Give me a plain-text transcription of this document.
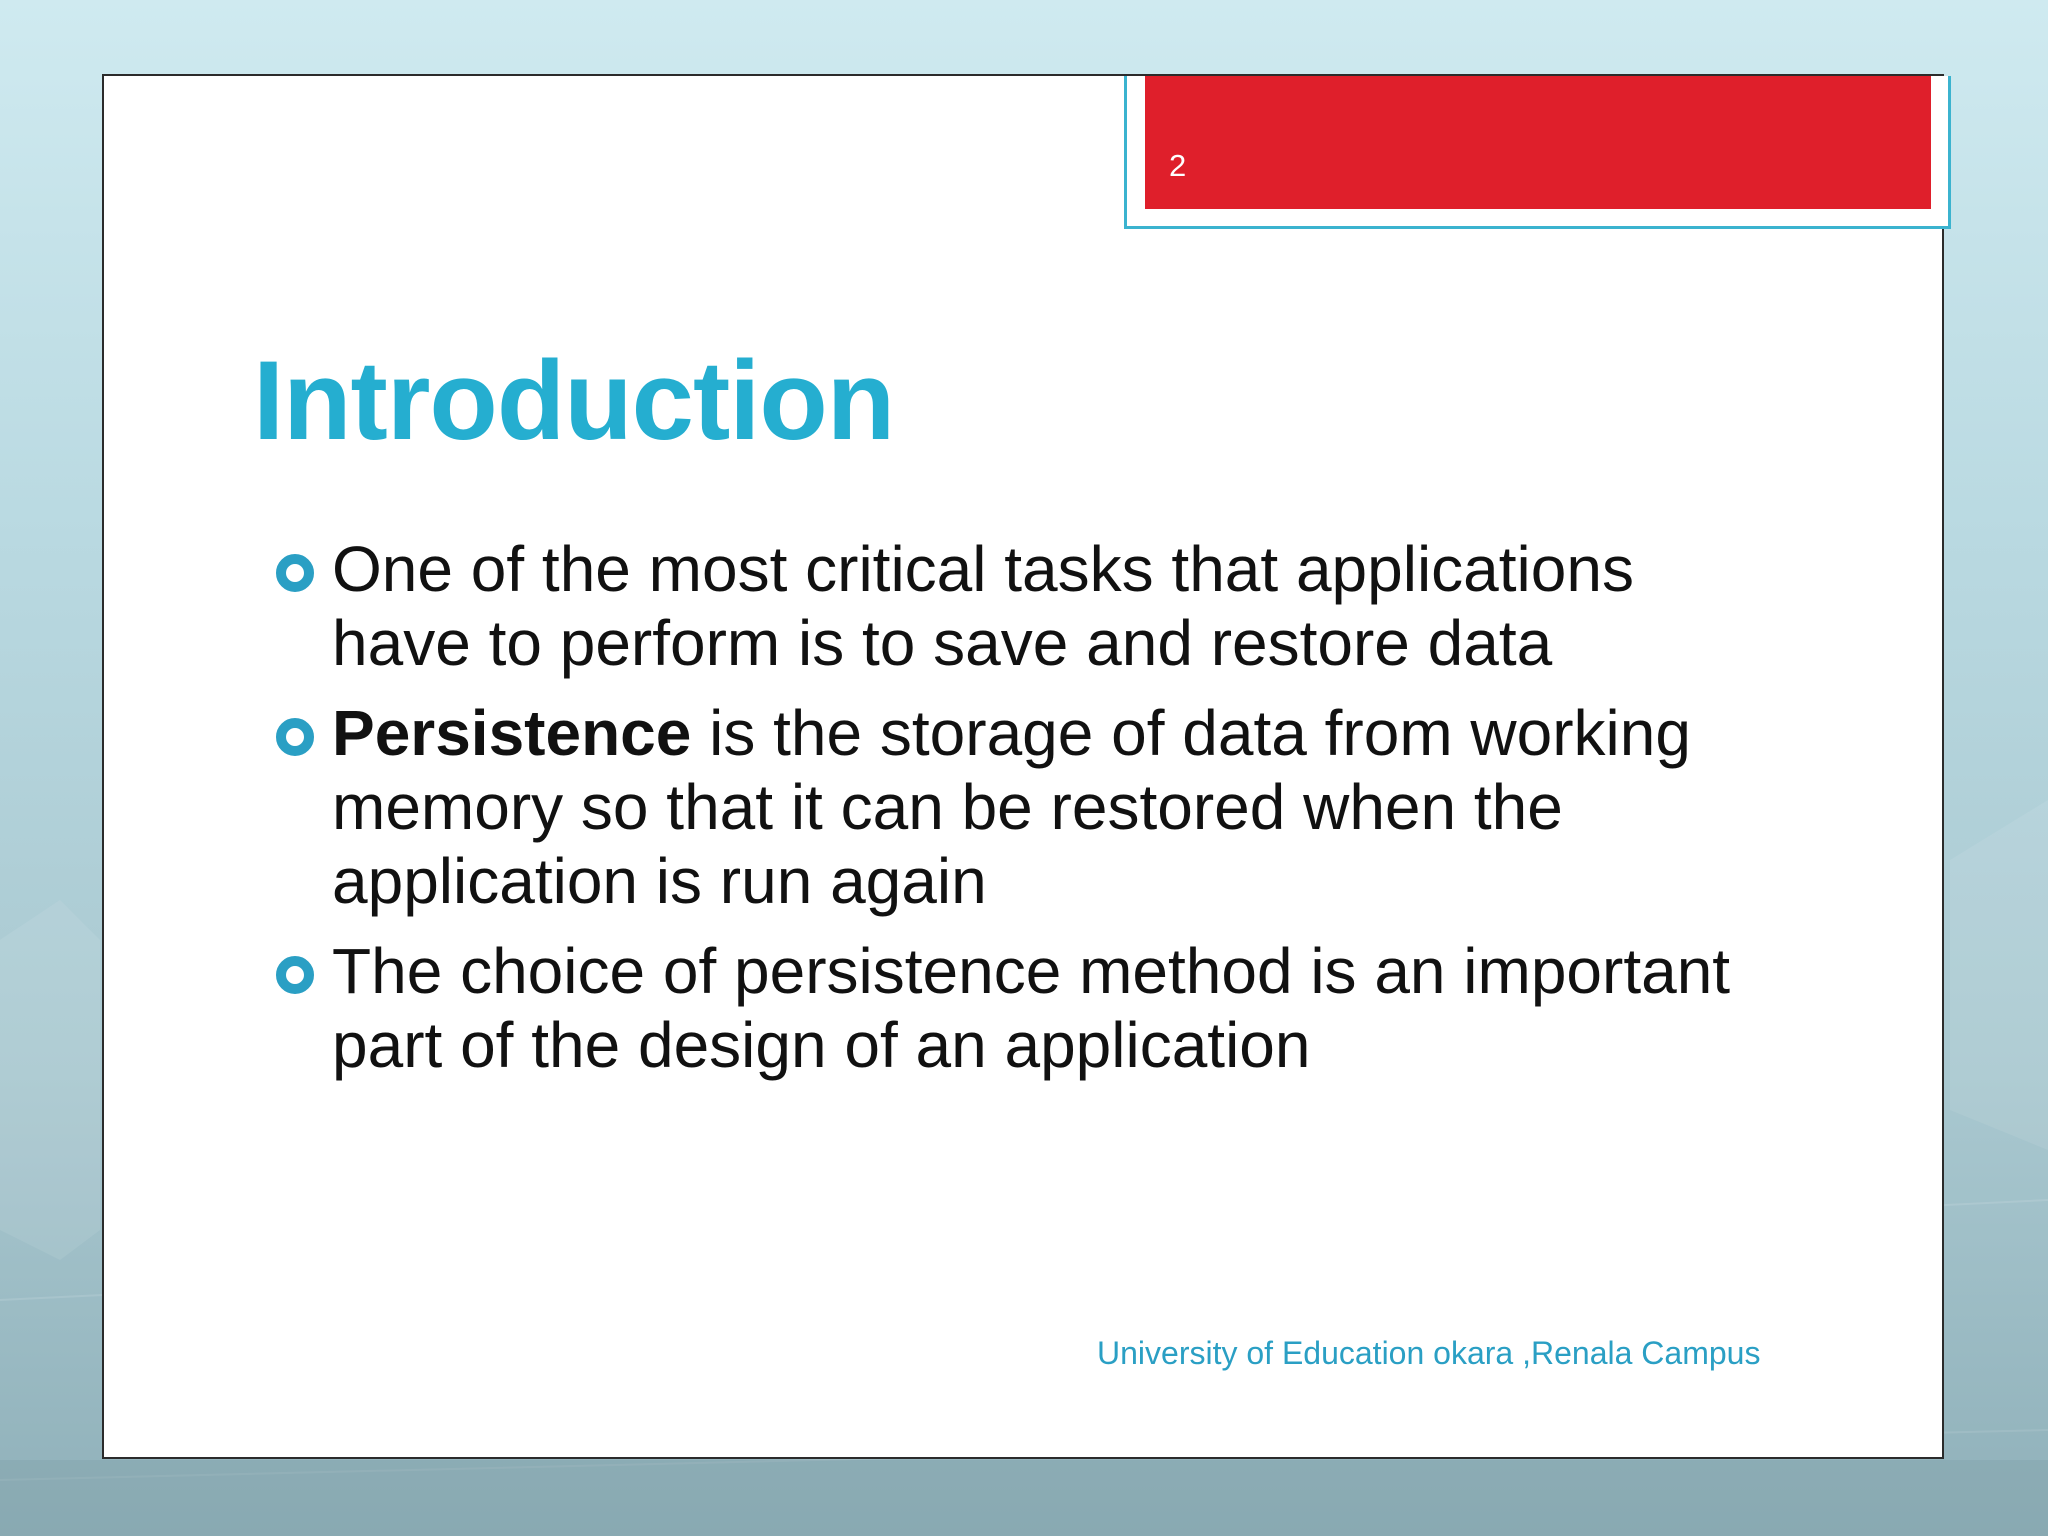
2
Introduction
One of the most critical tasks that applications have to perform is to save and restore data
Persistence is the storage of data from working memory so that it can be restored when the application is run again
The choice of persistence method is an important part of the design of an application
University of Education okara ,Renala Campus
